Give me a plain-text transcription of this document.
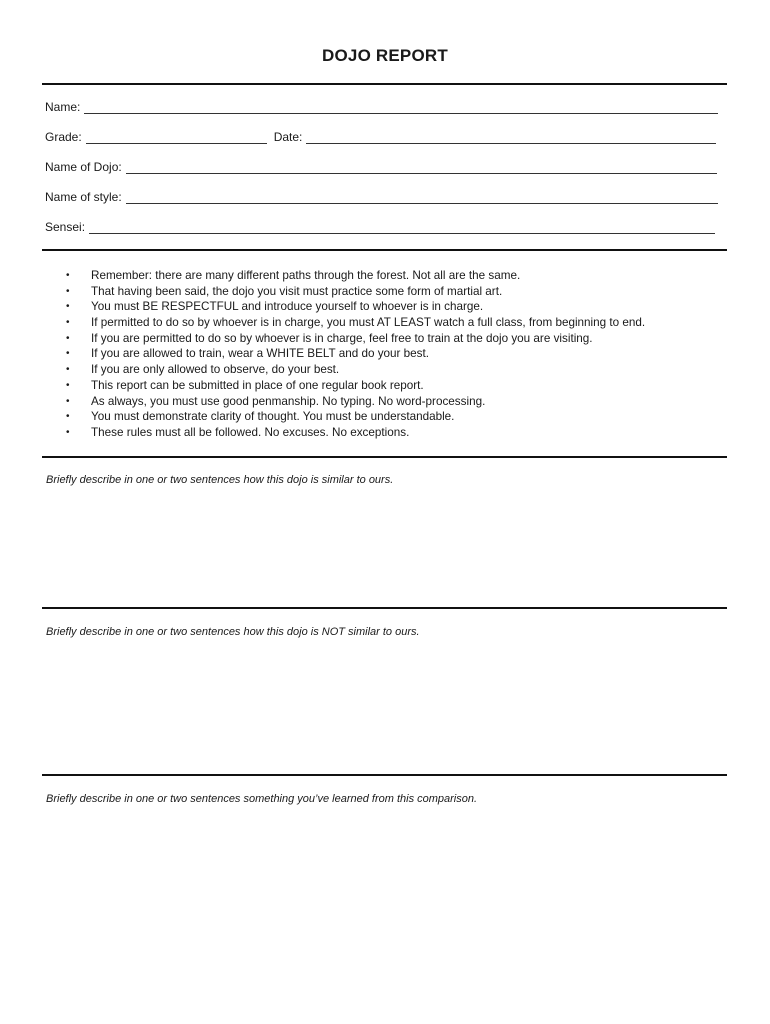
DOJO REPORT
Name:
Grade:	Date:
Name of Dojo:
Name of style:
Sensei:
• Remember: there are many different paths through the forest. Not all are the same.
• That having been said, the dojo you visit must practice some form of martial art.
• You must BE RESPECTFUL and introduce yourself to whoever is in charge.
• If permitted to do so by whoever is in charge, you must AT LEAST watch a full class, from beginning to end.
• If you are permitted to do so by whoever is in charge, feel free to train at the dojo you are visiting.
• If you are allowed to train, wear a WHITE BELT and do your best.
• If you are only allowed to observe, do your best.
• This report can be submitted in place of one regular book report.
• As always, you must use good penmanship. No typing. No word-processing.
• You must demonstrate clarity of thought. You must be understandable.
• These rules must all be followed. No excuses. No exceptions.
Briefly describe in one or two sentences how this dojo is similar to ours.
Briefly describe in one or two sentences how this dojo is NOT similar to ours.
Briefly describe in one or two sentences something you’ve learned from this comparison.
